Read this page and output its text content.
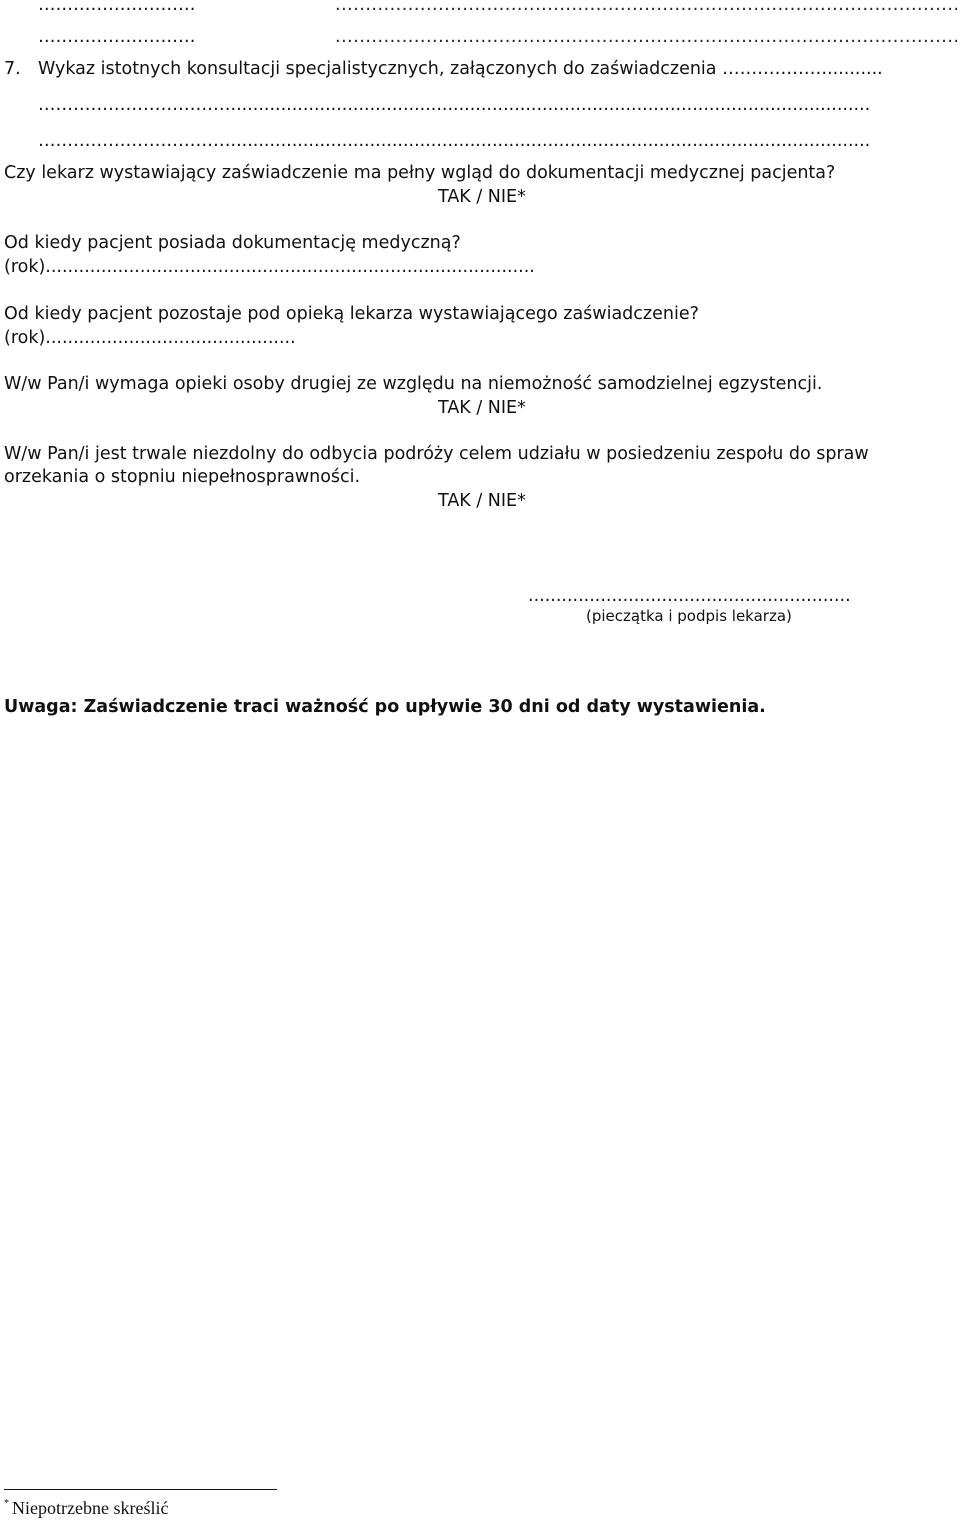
………………………
.....
………………………
.....
7. Wykaz istotnych konsultacji specjalistycznych, załączonych do zaświadczenia ………………..........
……………………………...................................................................................................................
……………………………...................................................................................................................
Czy lekarz wystawiający zaświadczenie ma pełny wgląd do dokumentacji medycznej pacjenta?
TAK / NIE*
Od kiedy pacjent posiada dokumentację medyczną?
(rok)........................................................................................
Od kiedy pacjent pozostaje pod opieką lekarza wystawiającego zaświadczenie?
(rok).............................................
W/w Pan/i wymaga opieki osoby drugiej ze względu na niemożność samodzielnej egzystencji.
TAK / NIE*
W/w Pan/i jest trwale niezdolny do odbycia podróży celem udziału w posiedzeniu zespołu do spraw
orzekania o stopniu niepełnosprawności.
TAK / NIE*
..........................................................
(pieczątka i podpis lekarza)
Uwaga: Zaświadczenie traci ważność po upływie 30 dni od daty wystawienia.
* Niepotrzebne skreślić
